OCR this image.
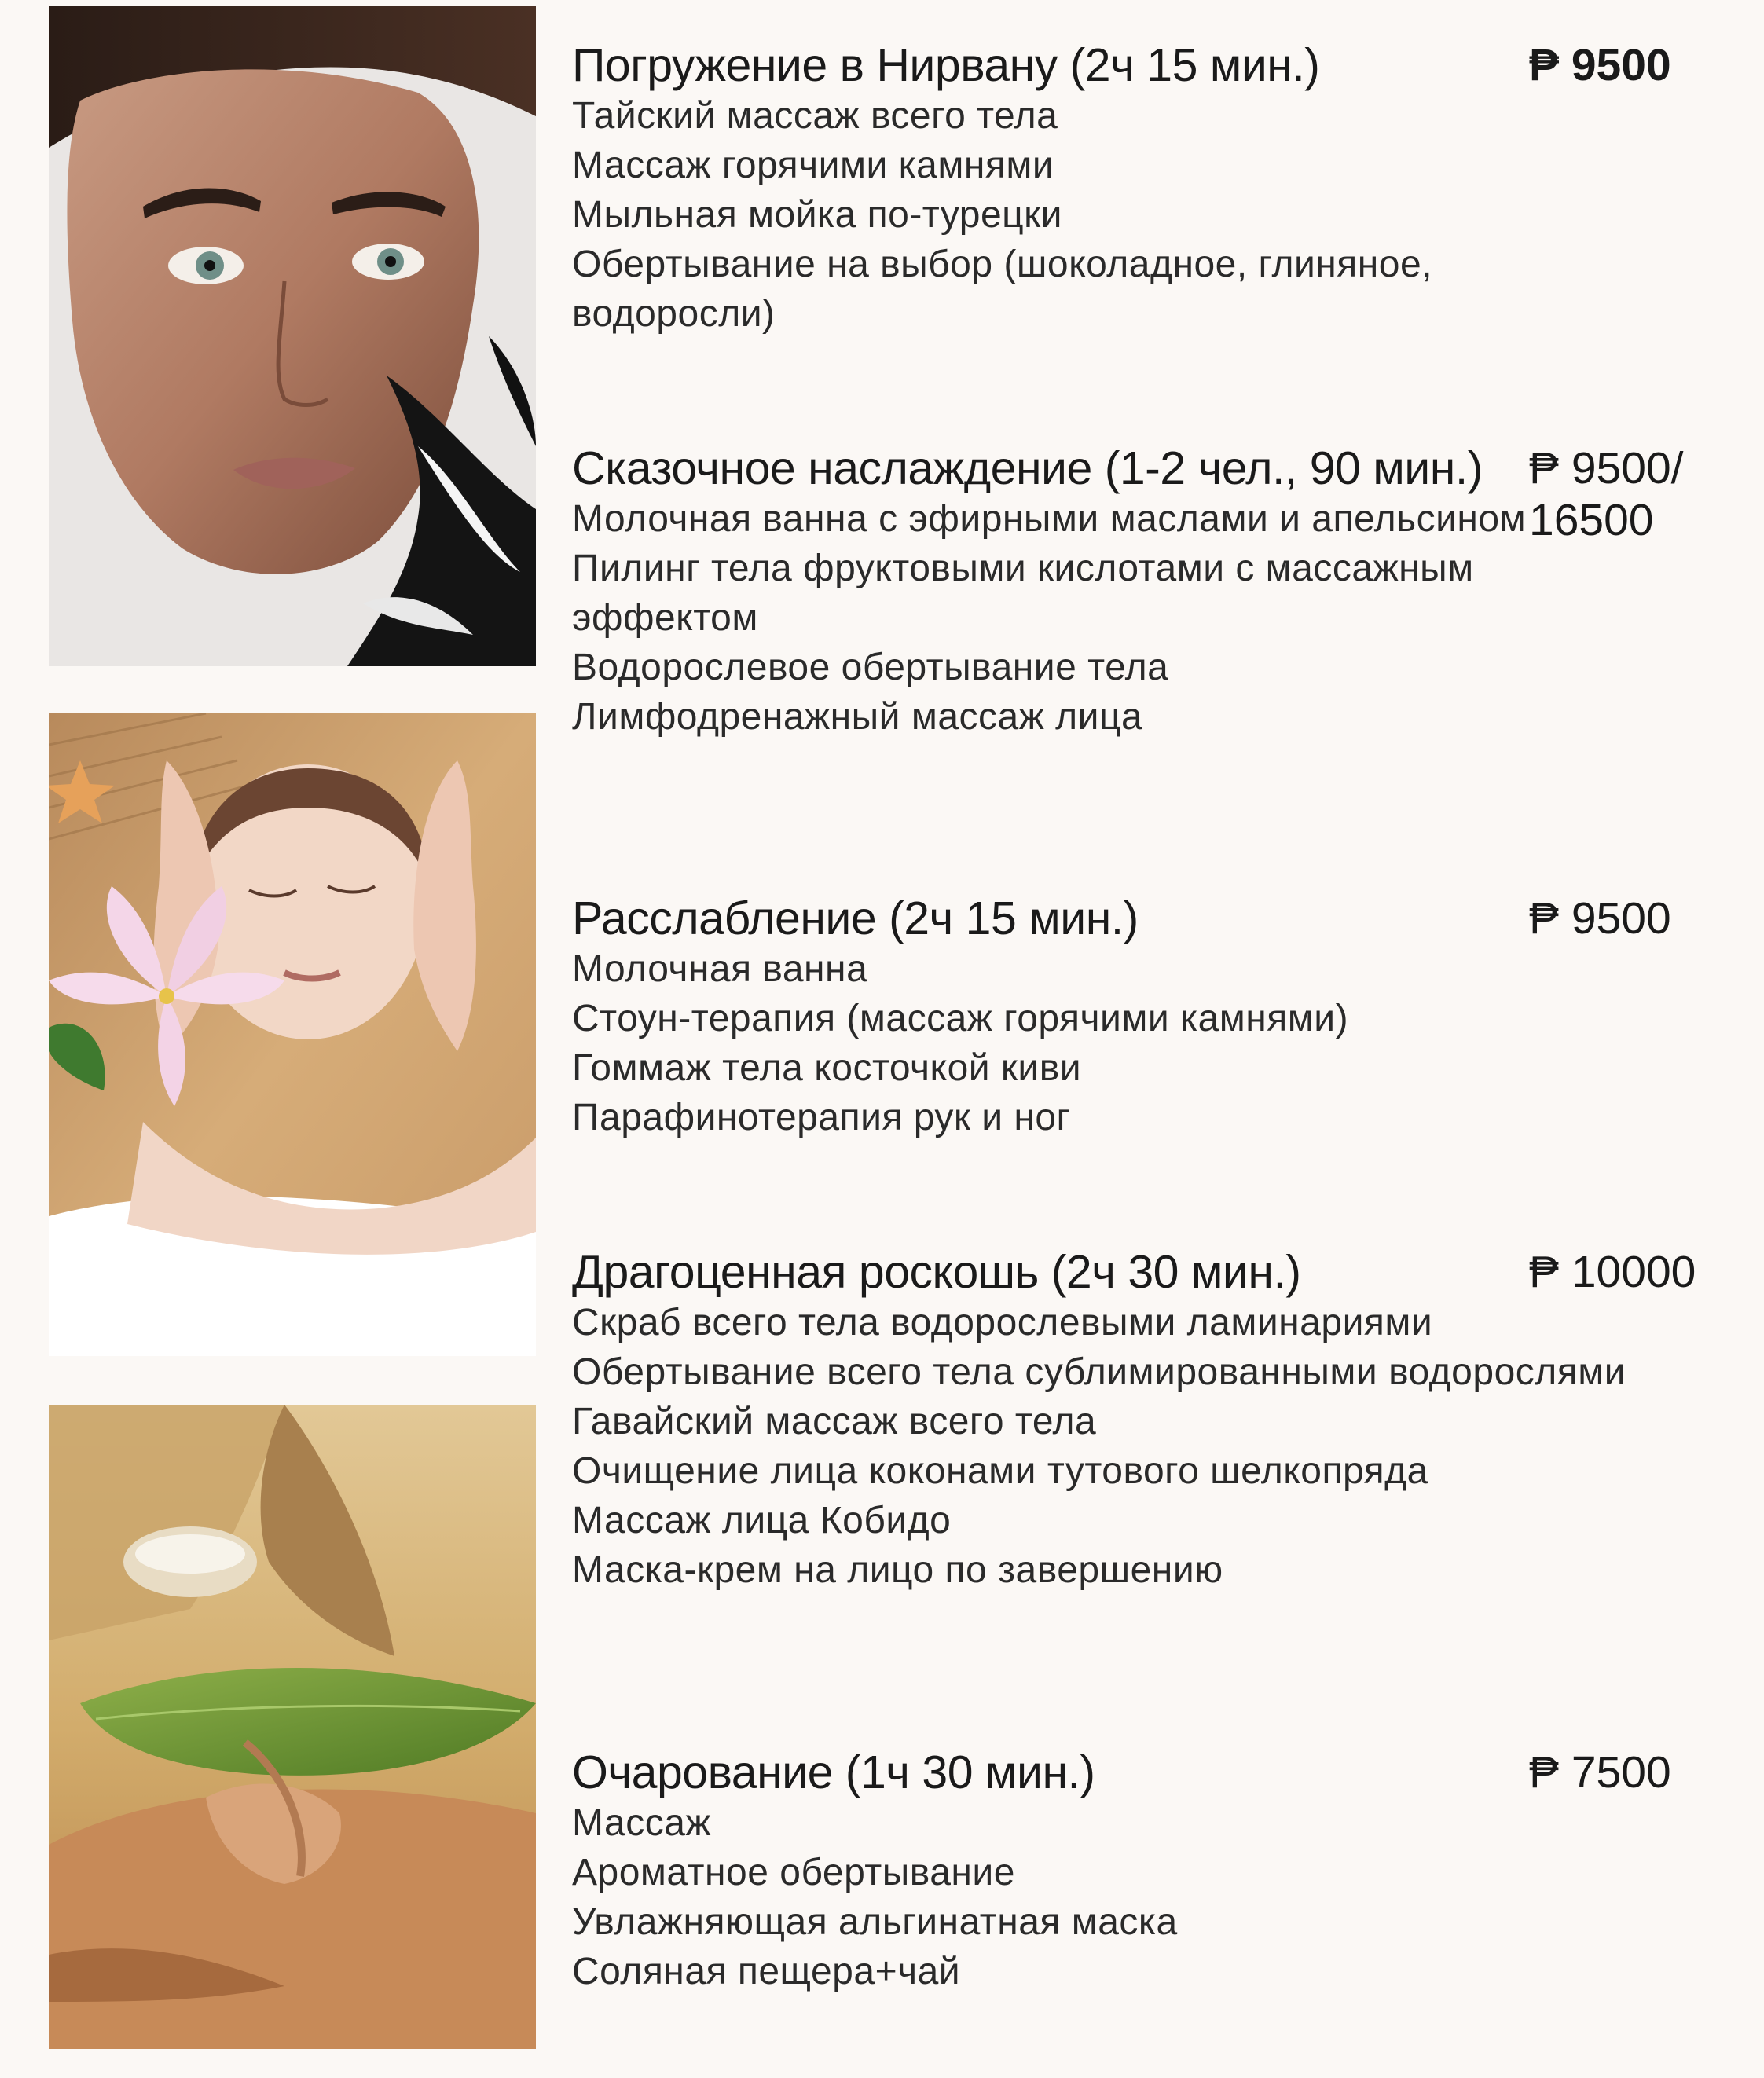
Погружение в Нирвану (2ч 15 мин.)	₱ 9500
Тайский массаж всего тела
Массаж горячими камнями
Мыльная мойка по-турецки
Обертывание на выбор (шоколадное, глиняное, водоросли)
Сказочное наслаждение (1-2 чел., 90 мин.)	₱ 9500/ 16500
Молочная ванна с эфирными маслами и апельсином
Пилинг тела фруктовыми кислотами с массажным эффектом
Водорослевое обертывание тела
Лимфодренажный массаж лица
Расслабление (2ч 15 мин.)	₱ 9500
Молочная ванна
Стоун-терапия (массаж горячими камнями)
Гоммаж тела косточкой киви
Парафинотерапия рук и ног
Драгоценная роскошь (2ч 30 мин.)	₱ 10000
Скраб всего тела водорослевыми ламинариями
Обертывание всего тела сублимированными водорослями
Гавайский массаж всего тела
Очищение лица коконами тутового шелкопряда
Массаж лица Кобидо
Маска-крем на лицо по завершению
Очарование (1ч 30 мин.)	₱ 7500
Массаж
Ароматное обертывание
Увлажняющая альгинатная маска
Соляная пещера+чай
